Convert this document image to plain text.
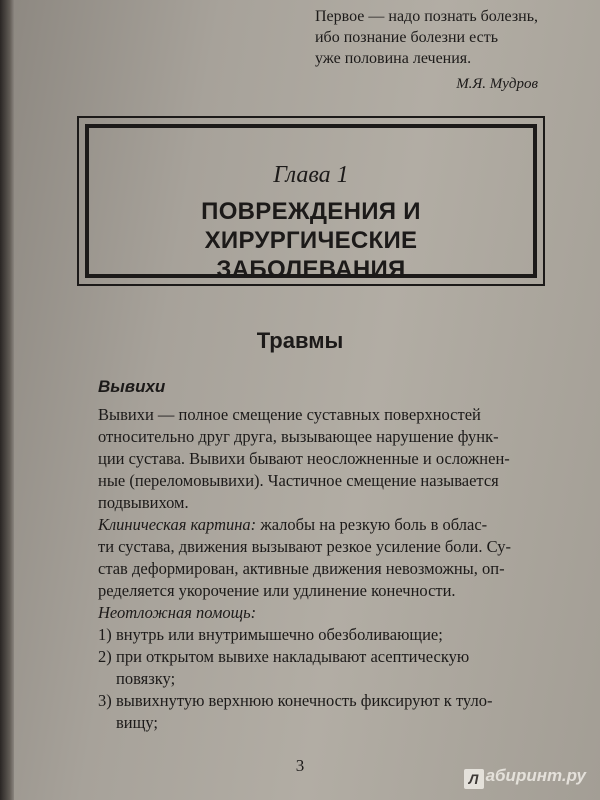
Первое — надо познать болезнь,
ибо познание болезни есть
уже половина лечения.
М.Я. Мудров
Глава 1
ПОВРЕЖДЕНИЯ И ХИРУРГИЧЕСКИЕ
ЗАБОЛЕВАНИЯ
Травмы
Вывихи
Вывихи — полное смещение суставных поверхностей
относительно друг друга, вызывающее нарушение функ-
ции сустава. Вывихи бывают неосложненные и осложнен-
ные (переломовывихи). Частичное смещение называется
подвывихом.
Клиническая картина: жалобы на резкую боль в облас-
ти сустава, движения вызывают резкое усиление боли. Су-
став деформирован, активные движения невозможны, оп-
ределяется укорочение или удлинение конечности.
Неотложная помощь:
1) внутрь или внутримышечно обезболивающие;
2) при открытом вывихе накладывают асептическую
повязку;
3) вывихнутую верхнюю конечность фиксируют к туло-
вищу;
3
Л абиринт.ру
